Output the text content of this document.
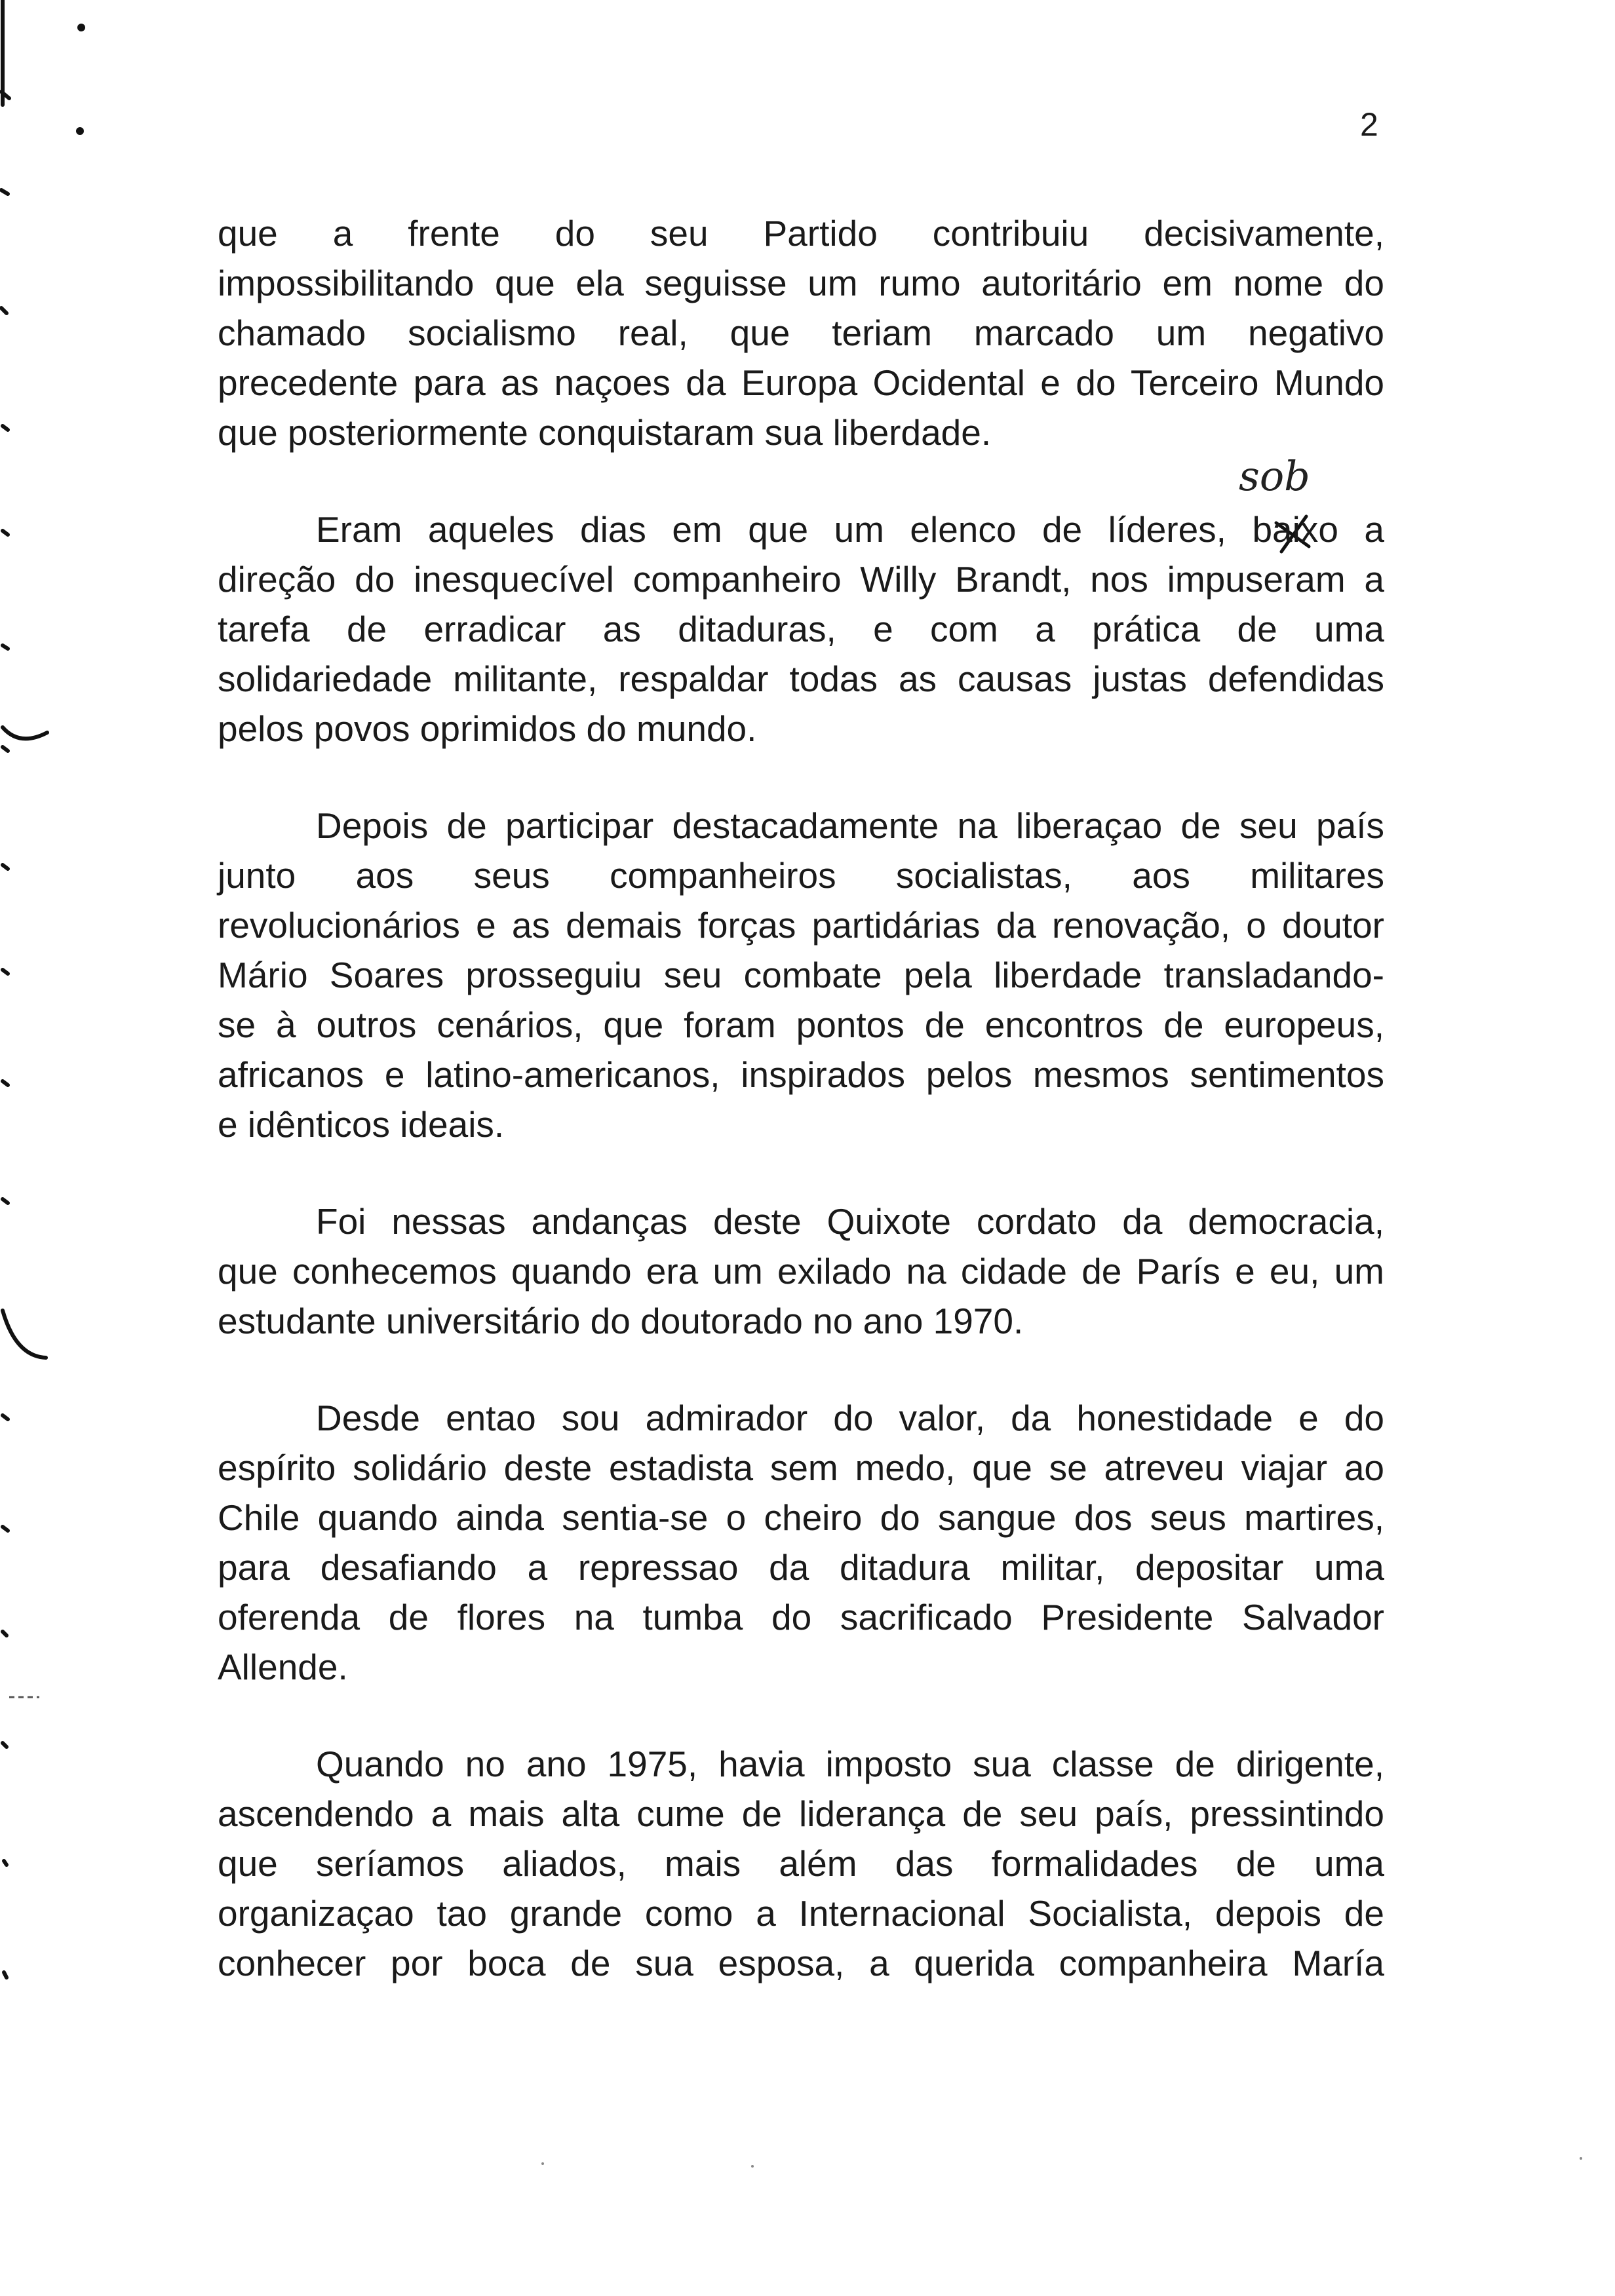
2
sob
que a frente do seu Partido contribuiu decisivamente,
impossibilitando que ela seguisse um rumo autoritário em nome do
chamado socialismo real, que teriam marcado um negativo
precedente para as naçoes da Europa Ocidental e do Terceiro Mundo
que posteriormente conquistaram sua liberdade.
Eram aqueles dias em que um elenco de líderes, baixo a
direção do inesquecível companheiro Willy Brandt, nos impuseram a
tarefa de erradicar as ditaduras, e com a prática de uma
solidariedade militante, respaldar todas as causas justas defendidas
pelos povos oprimidos do mundo.
Depois de participar destacadamente na liberaçao de seu país
junto aos seus companheiros socialistas, aos militares
revolucionários e as demais forças partidárias da renovação, o doutor
Mário Soares prosseguiu seu combate pela liberdade transladando-
se à outros cenários, que foram pontos de encontros de europeus,
africanos e latino-americanos, inspirados pelos mesmos sentimentos
e idênticos ideais.
Foi nessas andanças deste Quixote cordato da democracia,
que conhecemos quando era um exilado na cidade de París e eu, um
estudante universitário do doutorado no ano 1970.
Desde entao sou admirador do valor, da honestidade e do
espírito solidário deste estadista sem medo, que se atreveu viajar ao
Chile quando ainda sentia-se o cheiro do sangue dos seus martires,
para desafiando a repressao da ditadura militar, depositar uma
oferenda de flores na tumba do sacrificado Presidente Salvador
Allende.
Quando no ano 1975, havia imposto sua classe de dirigente,
ascendendo a mais alta cume de liderança de seu país, pressintindo
que seríamos aliados, mais além das formalidades de uma
organizaçao tao grande como a Internacional Socialista, depois de
conhecer por boca de sua esposa, a querida companheira María
